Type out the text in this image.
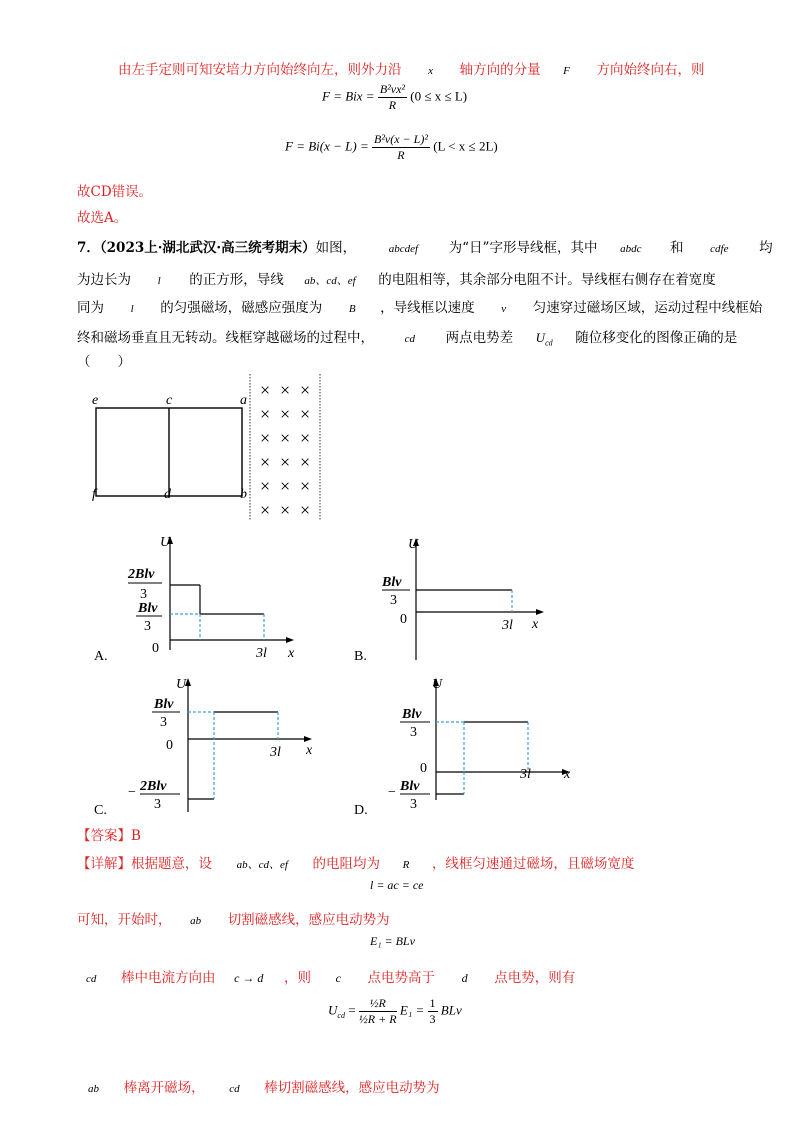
由左手定则可知安培力方向始终向左，则外力沿 x 轴方向的分量 F 方向始终向右，则
F = Bix = $\frac{\text{B²vx²}}{R} (0 \le x \le L)$
$F = Bi(x - L) = \frac{\text{B²v(x − L)²}}{R} (L < x \le 2L)$
故CD错误。
故选A。
7．（2023上·湖北武汉·高三统考期末）如图，	abcdef 为“日”字形导线框，其中 abdc 和 cdfe 均
为边长为 l 的正方形，导线 ab、cd、ef 的电阻相等，其余部分电阻不计。导线框右侧存在着宽度
同为 l 的匀强磁场，磁感应强度为 B ，导线框以速度 v 匀速穿过磁场区域，运动过程中线框始
终和磁场垂直且无转动。线框穿越磁场的过程中，	cd 两点电势差 $U_{cd}$ 随位移变化的图像正确的是
（　　）
e	c	a
f	d	b
× × ×
× × ×
× × ×
× × ×
× × ×
× × ×
A.
U
x
0	3l
2Blv
3
Blv
3
B.
U
x
0	3l
Blv
3
C.
U
x
0	3l
Blv
3
− 2Blv
3	D.
U
x
0	3l
Blv
3
− Blv
3
【答案】B
【详解】根据题意，设 ab、cd、ef 的电阻均为 R ，线框匀速通过磁场，且磁场宽度
l = ac = ce
可知，开始时， ab 切割磁感线，感应电动势为
E₁ = BLv
cd 棒中电流方向由 c → d ，则 c 点电势高于 d 点电势，则有
$U_{cd} = \frac{\text{½R}}{\text{½R + R}} E_1 = \frac{1}{3}$ BLv
ab 棒离开磁场， cd 棒切割磁感线，感应电动势为
